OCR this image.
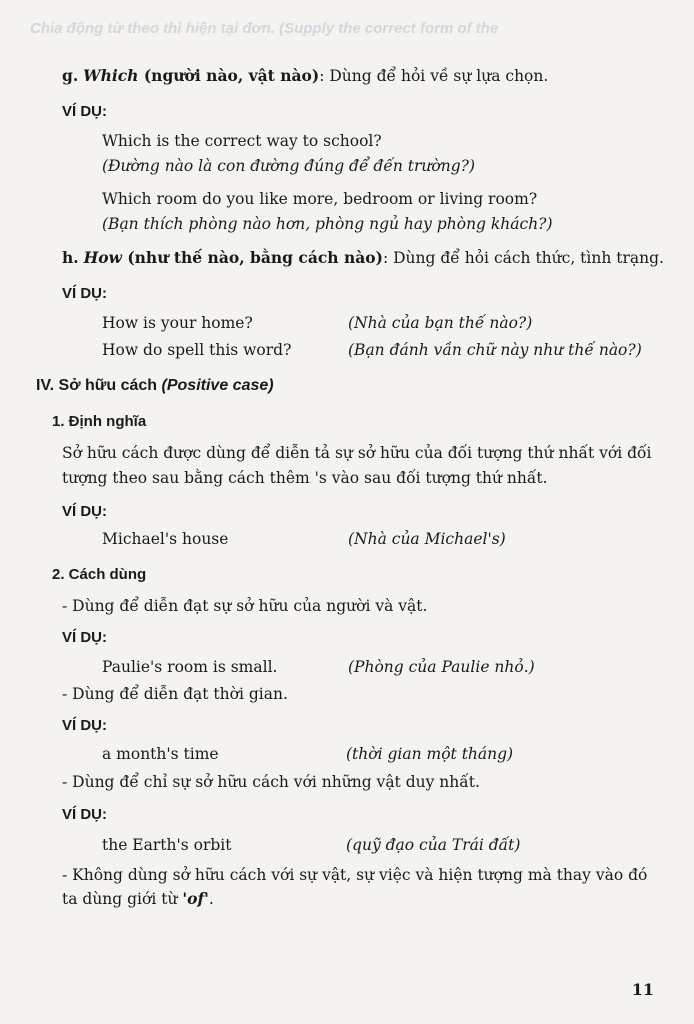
Chia động từ theo thì hiện tại đơn. (Supply the correct form of the
g. Which (người nào, vật nào): Dùng để hỏi về sự lựa chọn.
VÍ DỤ:
Which is the correct way to school?
(Đường nào là con đường đúng để đến trường?)
Which room do you like more, bedroom or living room?
(Bạn thích phòng nào hơn, phòng ngủ hay phòng khách?)
h. How (như thế nào, bằng cách nào): Dùng để hỏi cách thức, tình trạng.
VÍ DỤ:
How is your home?	(Nhà của bạn thế nào?)
How do spell this word?	(Bạn đánh vần chữ này như thế nào?)
IV. Sở hữu cách (Positive case)
1. Định nghĩa
Sở hữu cách được dùng để diễn tả sự sở hữu của đối tượng thứ nhất với đối
tượng theo sau bằng cách thêm 's vào sau đối tượng thứ nhất.
VÍ DỤ:
Michael's house	(Nhà của Michael's)
2. Cách dùng
- Dùng để diễn đạt sự sở hữu của người và vật.
VÍ DỤ:
Paulie's room is small.	(Phòng của Paulie nhỏ.)
- Dùng để diễn đạt thời gian.
VÍ DỤ:
a month's time	(thời gian một tháng)
- Dùng để chỉ sự sở hữu cách với những vật duy nhất.
VÍ DỤ:
the Earth's orbit	(quỹ đạo của Trái đất)
- Không dùng sở hữu cách với sự vật, sự việc và hiện tượng mà thay vào đó
ta dùng giới từ 'of'.
11
